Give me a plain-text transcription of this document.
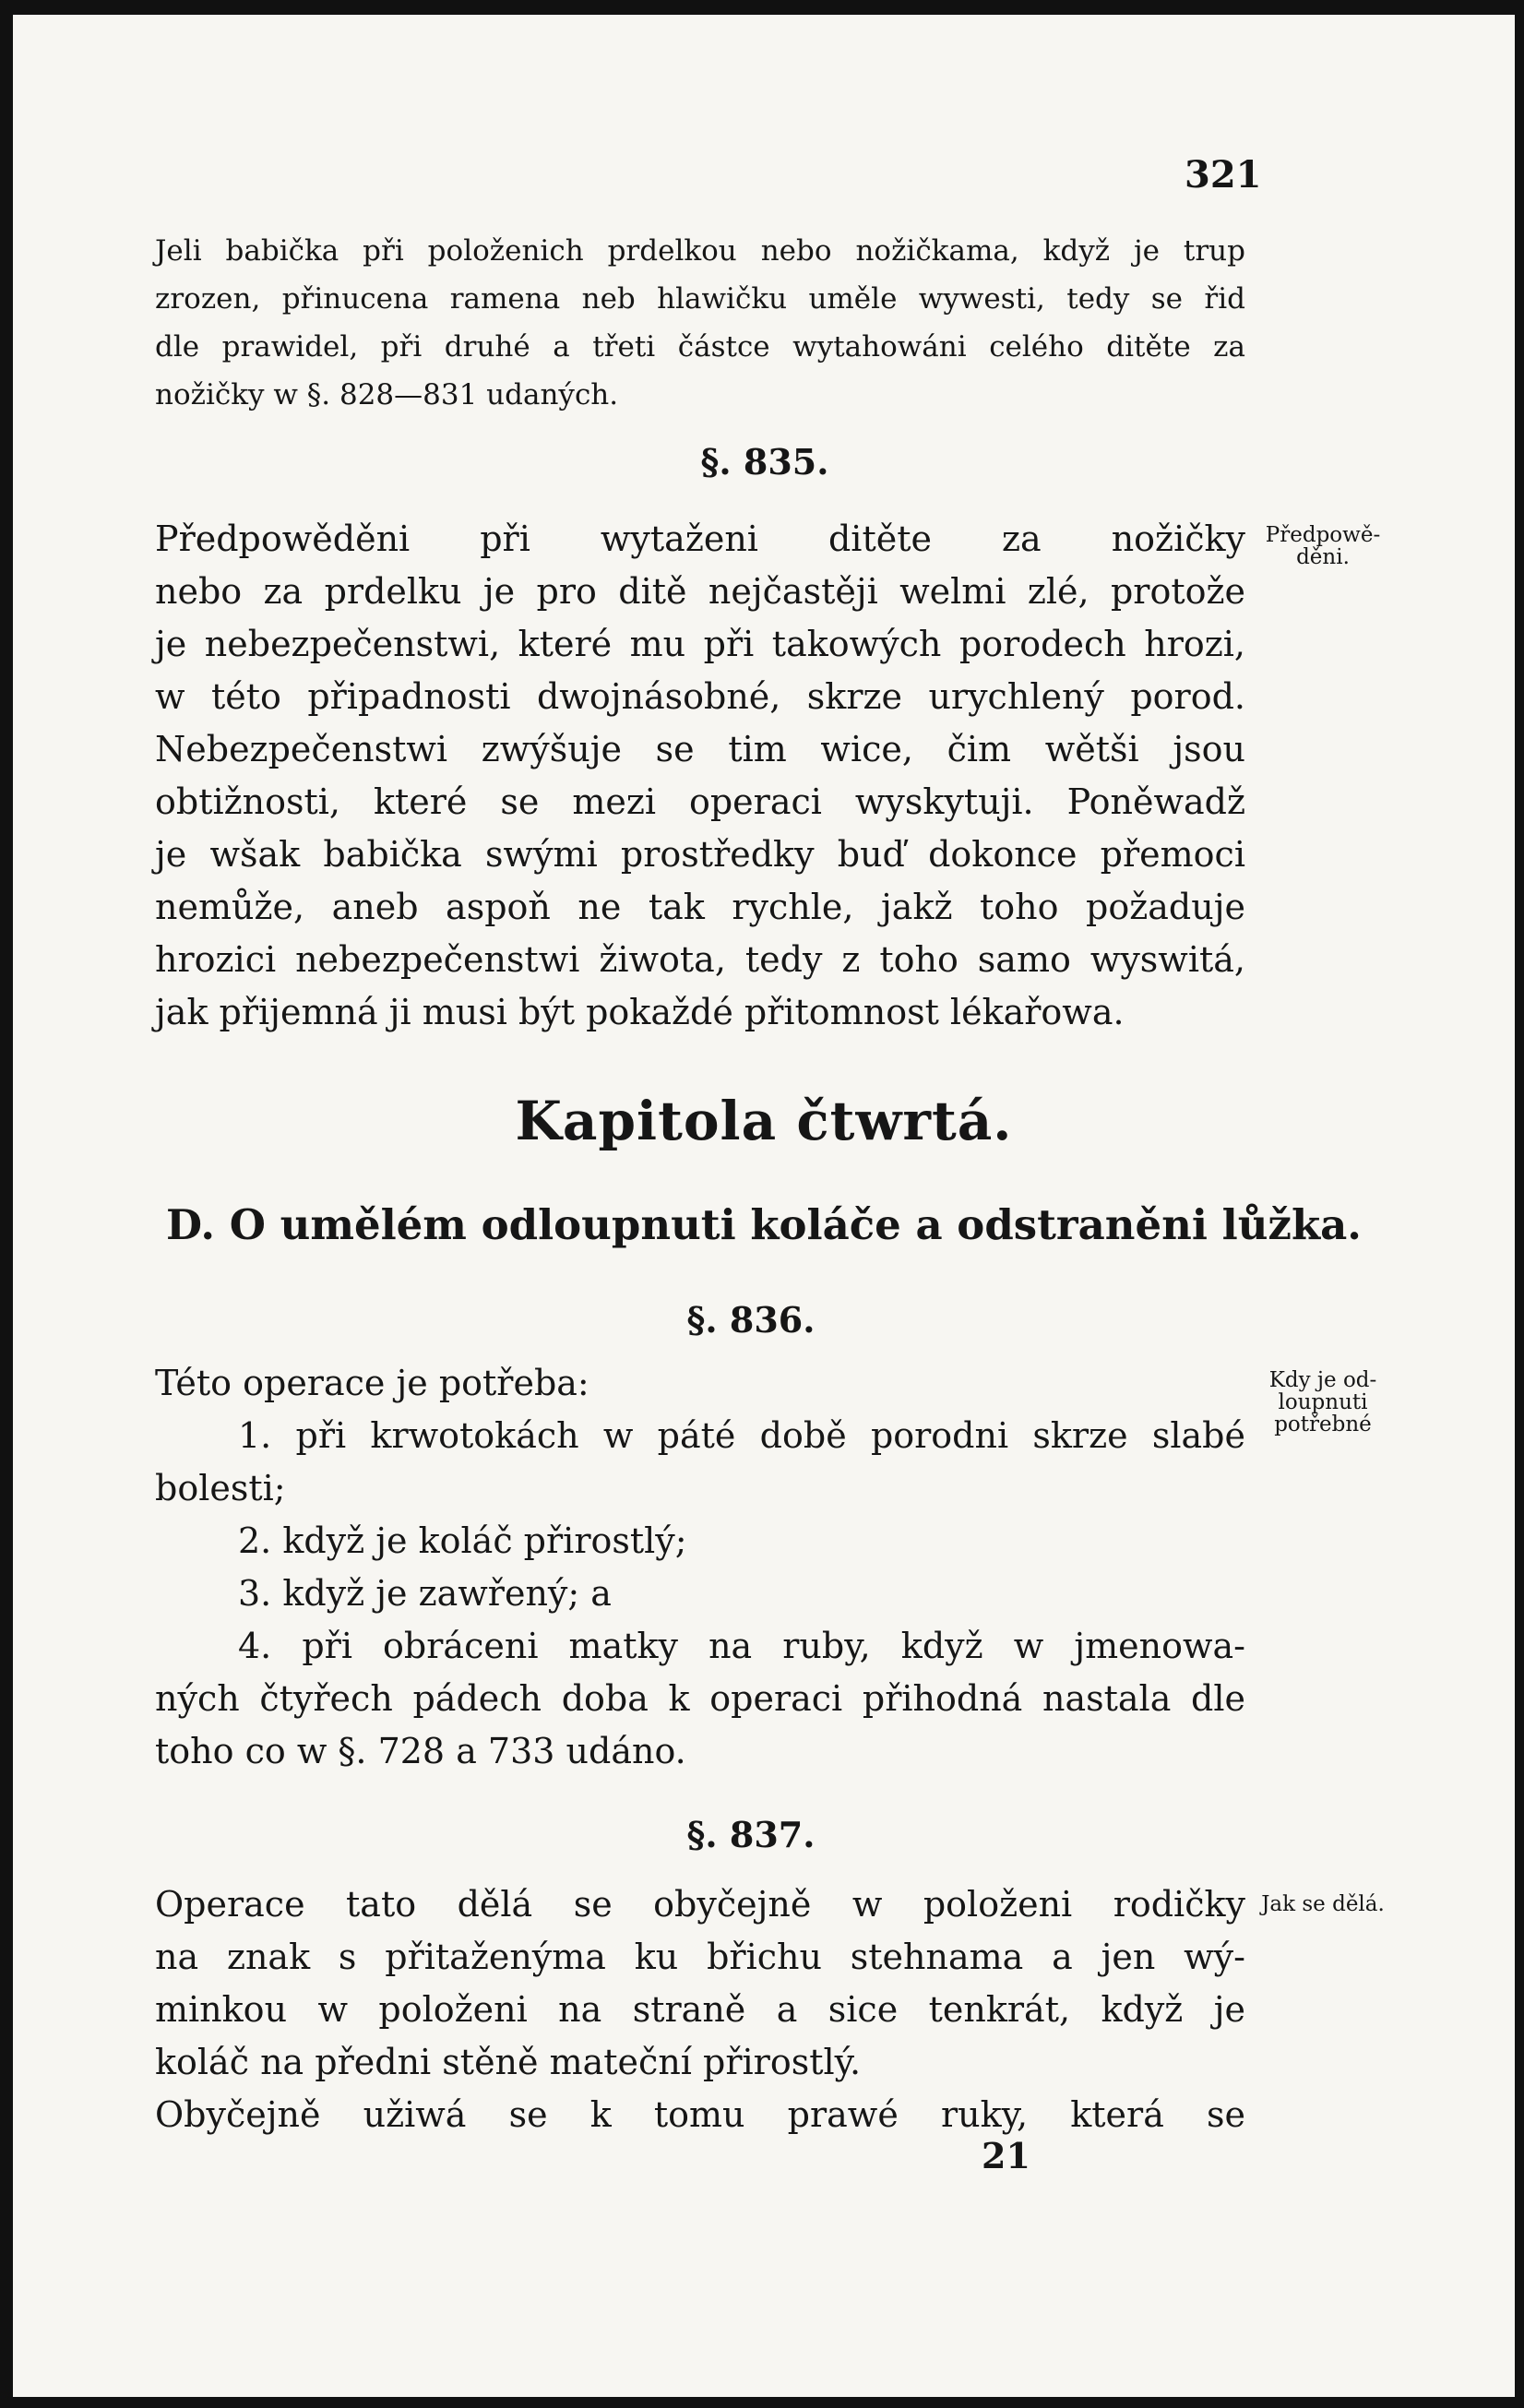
321
Jeli babička při položenich prdelkou nebo nožičkama, když je trup
zrozen, přinucena ramena neb hlawičku uměle wywesti, tedy se řid
dle prawidel, při druhé a třeti částce wytahowáni celého ditěte za
nožičky w §. 828—831 udaných.
§. 835.
Předpowěděni při wytaženi ditěte za nožičky
nebo za prdelku je pro ditě nejčastěji welmi zlé, protože
je nebezpečenstwi, které mu při takowých porodech hrozi,
w této připadnosti dwojnásobné, skrze urychlený porod.
Nebezpečenstwi zwýšuje se tim wice, čim wětši jsou
obtižnosti, které se mezi operaci wyskytuji. Poněwadž
je wšak babička swými prostředky buď dokonce přemoci
nemůže, aneb aspoň ne tak rychle, jakž toho požaduje
hrozici nebezpečenstwi žiwota, tedy z toho samo wyswitá,
jak přijemná ji musi být pokaždé přitomnost lékařowa.
Předpowě-
děni.
Kapitola čtwrtá.
D. O umělém odloupnuti koláče a odstraněni lůžka.
§. 836.
Této operace je potřeba:
1. při krwotokách w páté době porodni skrze slabé
bolesti;
2. když je koláč přirostlý;
3. když je zawřený; a
4. při obráceni matky na ruby, když w jmenowa-
ných čtyřech pádech doba k operaci přihodná nastala dle
toho co w §. 728 a 733 udáno.
Kdy je od-
loupnuti
potřebné
§. 837.
Operace tato dělá se obyčejně w položeni rodičky
na znak s přitaženýma ku břichu stehnama a jen wý-
minkou w položeni na straně a sice tenkrát, když je
koláč na předni stěně mateční přirostlý.
Obyčejně užiwá se k tomu prawé ruky, která se
Jak se dělá.
21
